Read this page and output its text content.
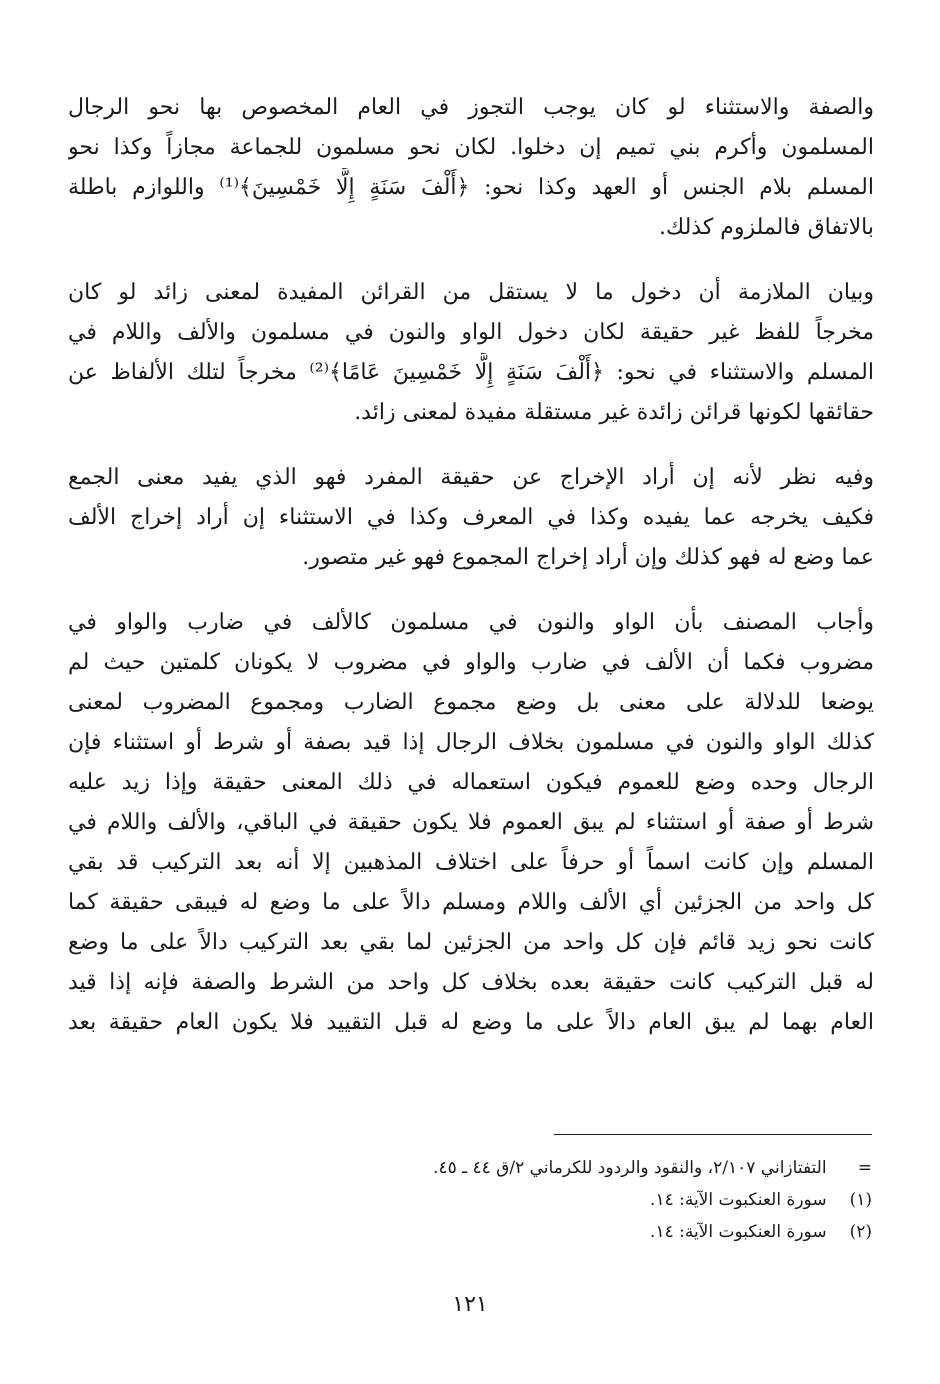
والصفة والاستثناء لو كان يوجب التجوز في العام المخصوص بها نحو الرجال
المسلمون وأكرم بني تميم إن دخلوا. لكان نحو مسلمون للجماعة مجازاً وكذا نحو
المسلم بلام الجنس أو العهد وكذا نحو: ﴿أَلْفَ سَنَةٍ إِلَّا خَمْسِينَ﴾⁽¹⁾ واللوازم باطلة
بالاتفاق فالملزوم كذلك.
وبيان الملازمة أن دخول ما لا يستقل من القرائن المفيدة لمعنى زائد لو كان
مخرجاً للفظ غير حقيقة لكان دخول الواو والنون في مسلمون والألف واللام في
المسلم والاستثناء في نحو: ﴿أَلْفَ سَنَةٍ إِلَّا خَمْسِينَ عَامًا﴾⁽²⁾ مخرجاً لتلك الألفاظ عن
حقائقها لكونها قرائن زائدة غير مستقلة مفيدة لمعنى زائد.
وفيه نظر لأنه إن أراد الإخراج عن حقيقة المفرد فهو الذي يفيد معنى الجمع
فكيف يخرجه عما يفيده وكذا في المعرف وكذا في الاستثناء إن أراد إخراج الألف
عما وضع له فهو كذلك وإن أراد إخراج المجموع فهو غير متصور.
وأجاب المصنف بأن الواو والنون في مسلمون كالألف في ضارب والواو في
مضروب فكما أن الألف في ضارب والواو في مضروب لا يكونان كلمتين حيث لم
يوضعا للدلالة على معنى بل وضع مجموع الضارب ومجموع المضروب لمعنى
كذلك الواو والنون في مسلمون بخلاف الرجال إذا قيد بصفة أو شرط أو استثناء فإن
الرجال وحده وضع للعموم فيكون استعماله في ذلك المعنى حقيقة وإذا زيد عليه
شرط أو صفة أو استثناء لم يبق العموم فلا يكون حقيقة في الباقي، والألف واللام في
المسلم وإن كانت اسماً أو حرفاً على اختلاف المذهبين إلا أنه بعد التركيب قد بقي
كل واحد من الجزئين أي الألف واللام ومسلم دالاً على ما وضع له فيبقى حقيقة كما
كانت نحو زيد قائم فإن كل واحد من الجزئين لما بقي بعد التركيب دالاً على ما وضع
له قبل التركيب كانت حقيقة بعده بخلاف كل واحد من الشرط والصفة فإنه إذا قيد
العام بهما لم يبق العام دالاً على ما وضع له قبل التقييد فلا يكون العام حقيقة بعد
= التفتازاني ٢/١٠٧، والنقود والردود للكرماني ٢/ق ٤٤ ـ ٤٥.
(١) سورة العنكبوت الآية: ١٤.
(٢) سورة العنكبوت الآية: ١٤.
١٢١
